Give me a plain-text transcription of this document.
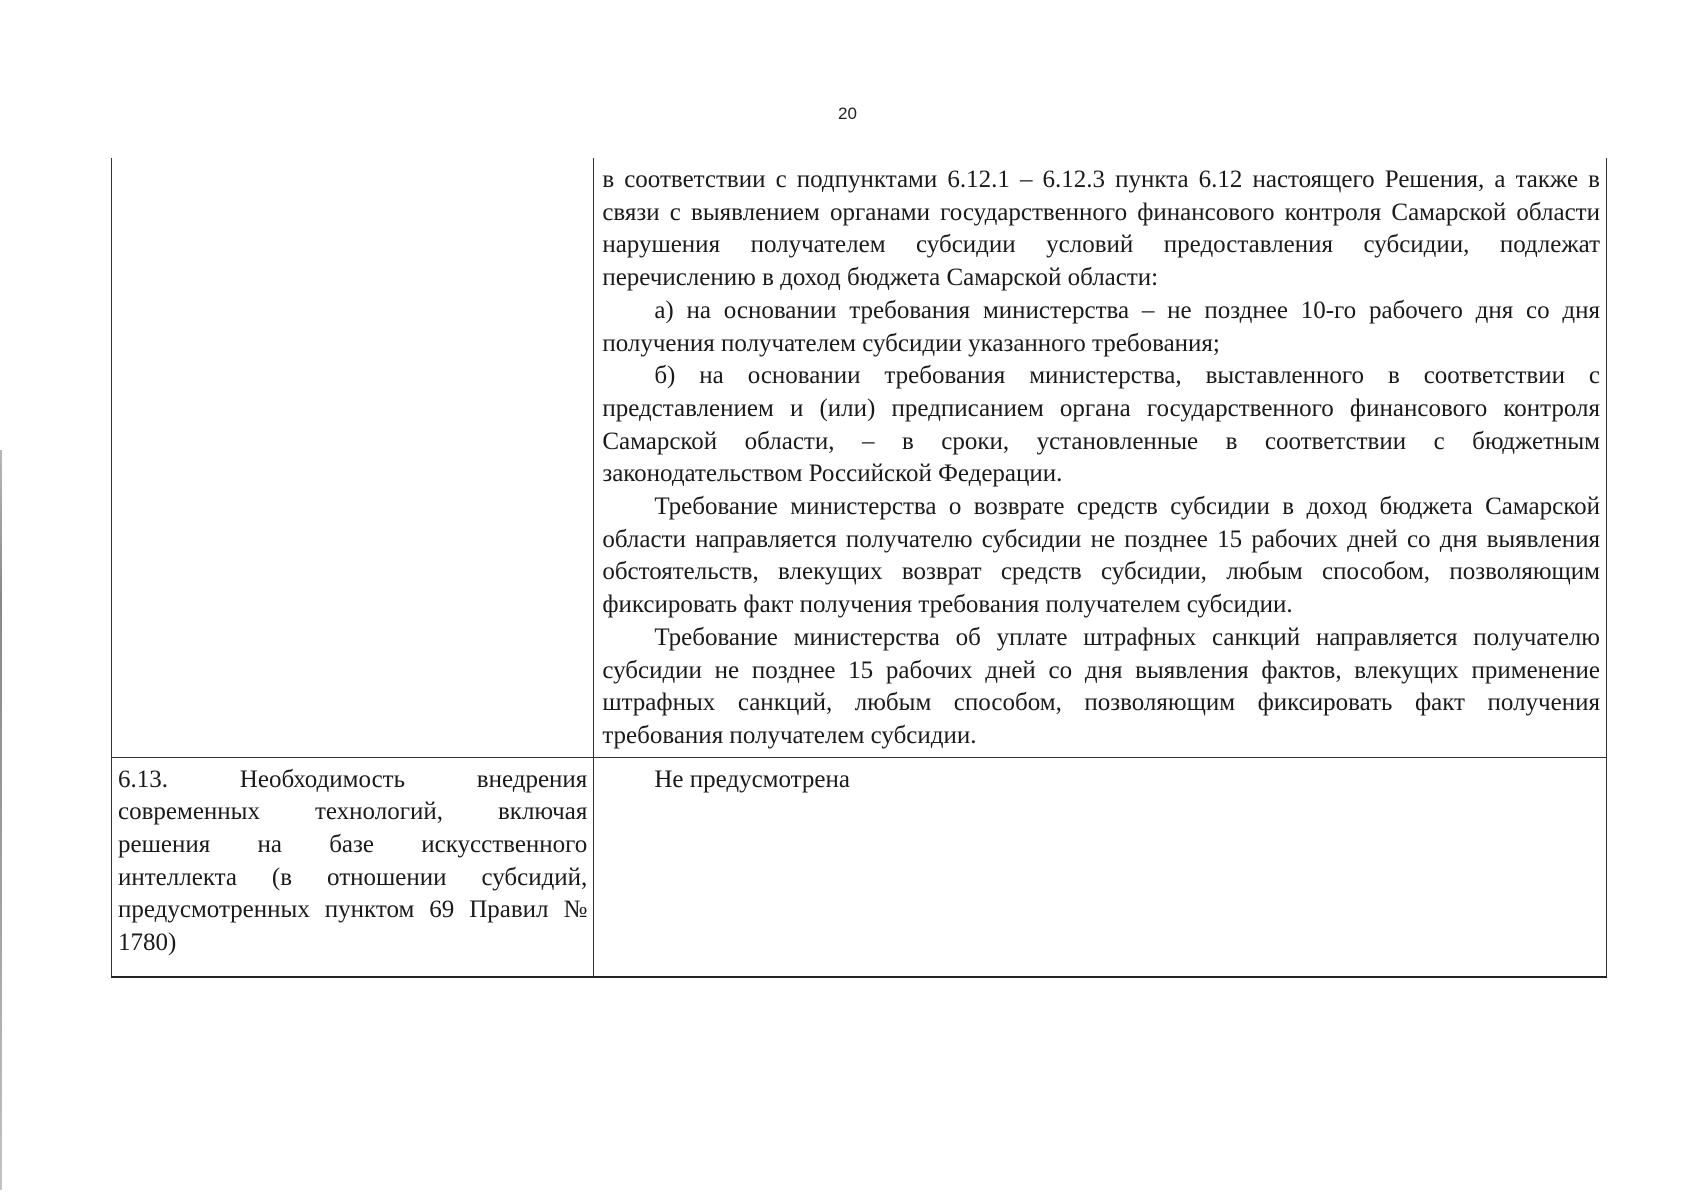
20

	в соответствии с подпунктами 6.12.1 – 6.12.3 пункта 6.12 настоящего Решения, а также в связи с выявлением органами государственного финансового контроля Самарской области нарушения получателем субсидии условий предоставления субсидии, подлежат перечислению в доход бюджета Самарской области:

а) на основании требования министерства – не позднее 10-го рабочего дня со дня получения получателем субсидии указанного требования;

б) на основании требования министерства, выставленного в соответствии с представлением и (или) предписанием органа государственного финансового контроля Самарской области, – в сроки, установленные в соответствии с бюджетным законодательством Российской Федерации.

Требование министерства о возврате средств субсидии в доход бюджета Самарской области направляется получателю субсидии не позднее 15 рабочих дней со дня выявления обстоятельств, влекущих возврат средств субсидии, любым способом, позволяющим фиксировать факт получения требования получателем субсидии.

Требование министерства об уплате штрафных санкций направляется получателю субсидии не позднее 15 рабочих дней со дня выявления фактов, влекущих применение штрафных санкций, любым способом, позволяющим фиксировать факт получения требования получателем субсидии.

6.13. Необходимость внедрения современных технологий, включая решения на базе искусственного интеллекта (в отношении субсидий, предусмотренных пунктом 69 Правил № 1780)	Не предусмотрена
